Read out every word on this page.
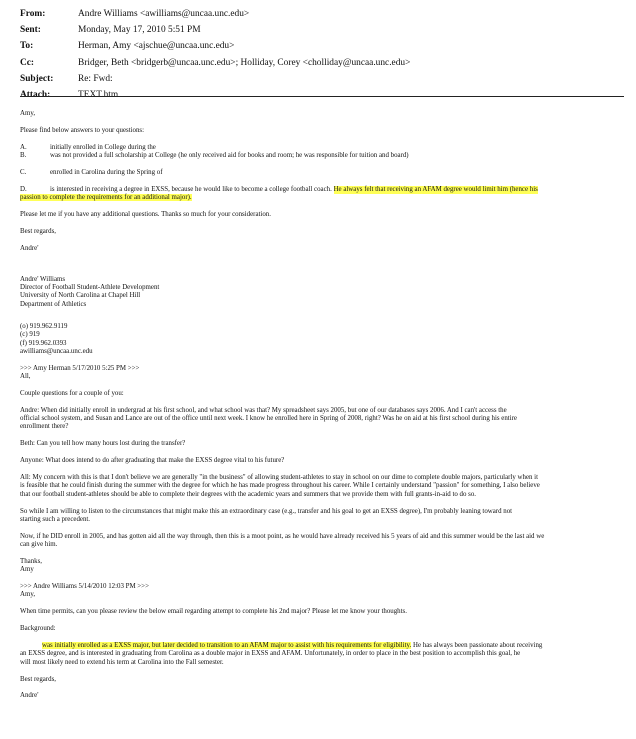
From:	Andre Williams <awilliams@uncaa.unc.edu>
Sent:	Monday, May 17, 2010 5:51 PM
To:	Herman, Amy <ajschue@uncaa.unc.edu>
Cc:	Bridger, Beth <bridgerb@uncaa.unc.edu>; Holliday, Corey <cholliday@uncaa.unc.edu>
Subject:	Re: Fwd:
Attach:	TEXT.htm

Amy,

Please find below answers to your questions:

A.	initially enrolled in College during the
B.	was not provided a full scholarship at College (he only received aid for books and room; he was responsible for tuition and board)
C.	enrolled in Carolina during the Spring of
D.	is interested in receiving a degree in EXSS, because he would like to become a college football coach.
He always felt that receiving an AFAM degree would limit him (hence his
passion to complete the requirements for an additional major).

Please let me if you have any additional questions. Thanks so much for your consideration.

Best regards,

Andre'

Andre' Williams
Director of Football Student-Athlete Development
University of North Carolina at Chapel Hill
Department of Athletics
(o) 919.962.9119
(c) 919
(f) 919.962.0393
awilliams@uncaa.unc.edu
>>> Amy Herman 5/17/2010 5:25 PM >>>

All,

Couple questions for a couple of you:

Andre: When did initially enroll in undergrad at his first school, and what school was that? My spreadsheet says 2005, but one of our databases says 2006. And I can't access the
official school system, and Susan and Lance are out of the office until next week. I know he enrolled here in Spring of 2008, right? Was he on aid at his first school during his entire
enrollment there?

Beth: Can you tell how many hours lost during the transfer?

Anyone: What does intend to do after graduating that make the EXSS degree vital to his future?

All: My concern with this is that I don't believe we are generally "in the business" of allowing student-athletes to stay in school on our dime to complete double majors, particularly when it
is feasible that he could finish during the summer with the degree for which he has made progress throughout his career. While I certainly understand "passion" for something, I also believe
that our football student-athletes should be able to complete their degrees with the academic years and summers that we provide them with full grants-in-aid to do so.
So while I am willing to listen to the circumstances that might make this an extraordinary case (e.g., transfer and his goal to get an EXSS degree), I'm probably leaning toward not
starting such a precedent.
Now, if he DID enroll in 2005, and has gotten aid all the way through, then this is a moot point, as he would have already received his 5 years of aid and this summer would be the last aid we
can give him.
Thanks,
Amy
>>> Andre Williams 5/14/2010 12:03 PM >>>

Amy,

When time permits, can you please review the below email regarding attempt to complete his 2nd major? Please let me know your thoughts.

Background:

was initially enrolled as a EXSS major, but later decided to transition to an AFAM major to assist with his requirements for eligibility. He has always been passionate about receiving
an EXSS degree, and is interested in graduating from Carolina as a double major in EXSS and AFAM. Unfortunately, in order to place in the best position to accomplish this goal, he
will most likely need to extend his term at Carolina into the Fall semester.

Best regards,

Andre'
